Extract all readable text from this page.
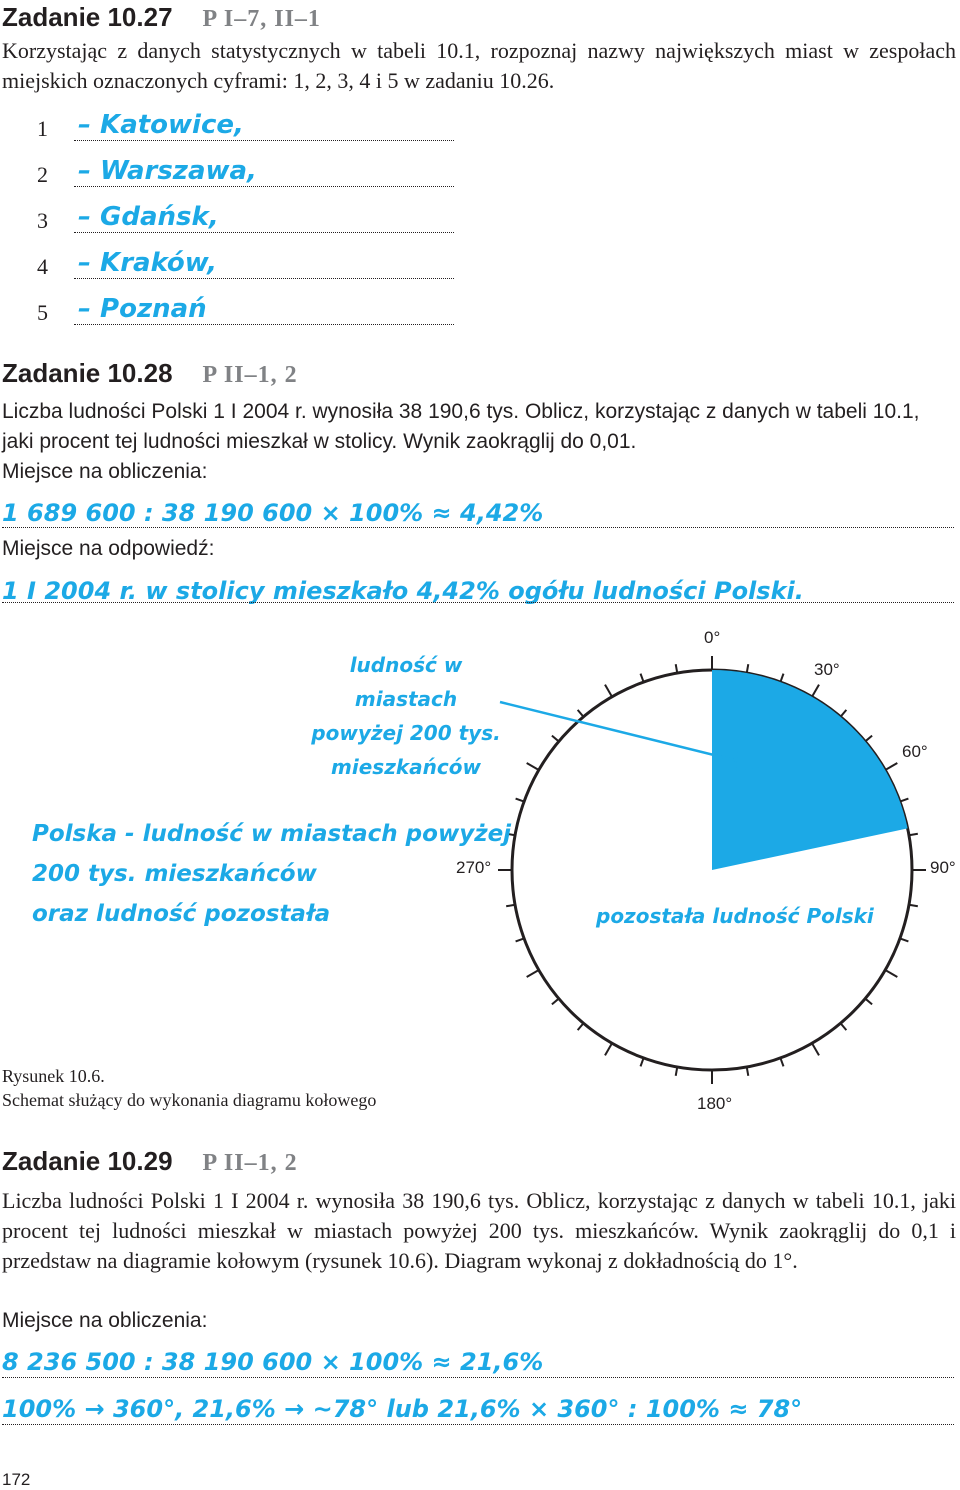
Zadanie 10.27 P I–7, II–1
Korzystając z danych statystycznych w tabeli 10.1, rozpoznaj nazwy największych miast w zespołach miejskich oznaczonych cyframi: 1, 2, 3, 4 i 5 w zadaniu 10.26.
1 – Katowice,
2 – Warszawa,
3 – Gdańsk,
4 – Kraków,
5 – Poznań
Zadanie 10.28 P II–1, 2
Liczba ludności Polski 1 I 2004 r. wynosiła 38 190,6 tys. Oblicz, korzystając z danych w tabeli 10.1, jaki procent tej ludności mieszkał w stolicy. Wynik zaokrąglij do 0,01.
Miejsce na obliczenia:
1 689 600 : 38 190 600 × 100% ≈ 4,42%
Miejsce na odpowiedź:
1 I 2004 r. w stolicy mieszkało 4,42% ogółu ludności Polski.
0°
30°
60°
90°
180°
270°
ludność w miastach
powyżej 200 tys.
mieszkańców
Polska - ludność w miastach powyżej
200 tys. mieszkańców
oraz ludność pozostała	pozostała ludność Polski
Rysunek 10.6.
Schemat służący do wykonania diagramu kołowego
Zadanie 10.29 P II–1, 2
Liczba ludności Polski 1 I 2004 r. wynosiła 38 190,6 tys. Oblicz, korzystając z danych w tabeli 10.1, jaki procent tej ludności mieszkał w miastach powyżej 200 tys. mieszkańców. Wynik zaokrąglij do 0,1 i przedstaw na diagramie kołowym (rysunek 10.6). Diagram wykonaj z dokładnością do 1°.
Miejsce na obliczenia:
8 236 500 : 38 190 600 × 100% ≈ 21,6%
100% → 360°, 21,6% → ~78° lub 21,6% × 360° : 100% ≈ 78°
172
